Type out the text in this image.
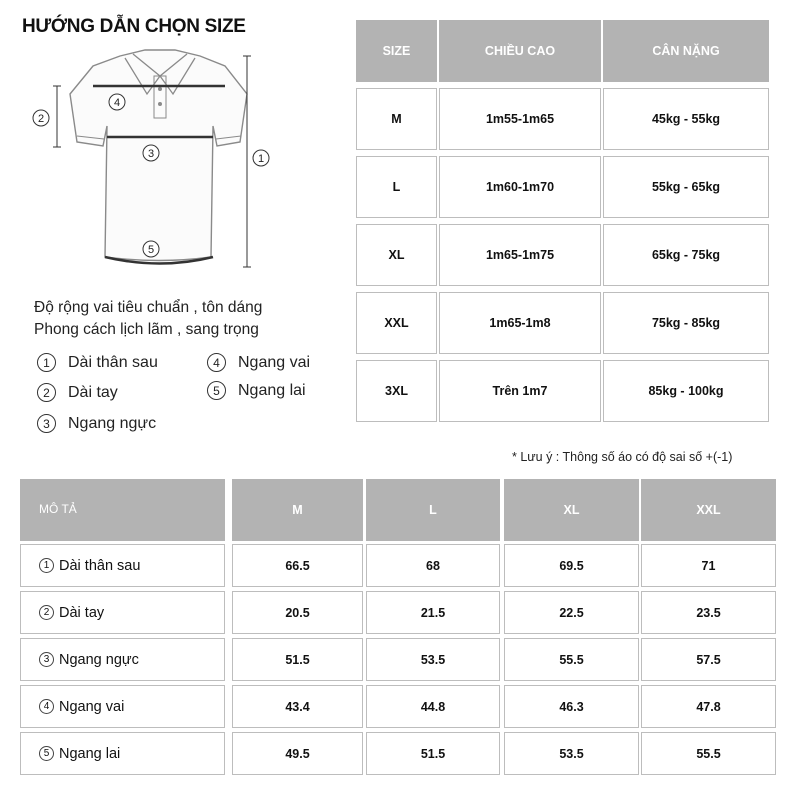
HƯỚNG DẪN CHỌN SIZE
4
2
3	1
5
Độ rộng vai tiêu chuẩn , tôn dáng
Phong cách lịch lãm , sang trọng
1	Dài thân sau
2	Dài tay
3	Ngang ngực
4	Ngang vai
5	Ngang lai
SIZE	CHIỀU CAO	CÂN NẶNG
M	1m55-1m65	45kg - 55kg
L	1m60-1m70	55kg - 65kg
XL	1m65-1m75	65kg - 75kg
XXL	1m65-1m8	75kg - 85kg
3XL	Trên 1m7	85kg - 100kg
* Lưu ý : Thông số áo có độ sai số +(-1)
MÔ TẢ	M	L	XL	XXL
1 Dài thân sau	66.5	68	69.5	71
2 Dài tay	20.5	21.5	22.5	23.5
3 Ngang ngực	51.5	53.5	55.5	57.5
4 Ngang vai	43.4	44.8	46.3	47.8
5 Ngang lai	49.5	51.5	53.5	55.5
